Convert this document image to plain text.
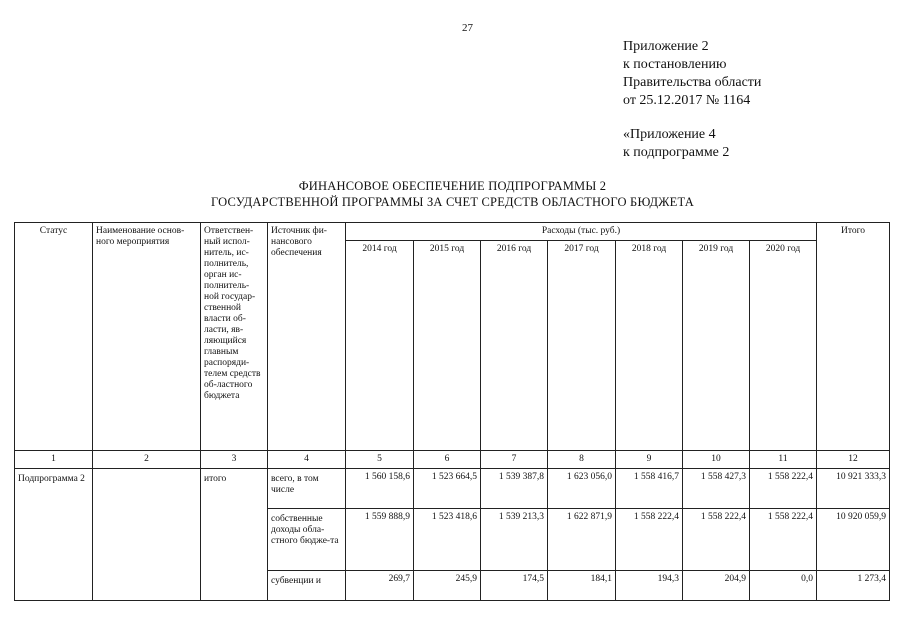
27
Приложение 2
к постановлению
Правительства области
от 25.12.2017 № 1164
«Приложение 4
к подпрограмме 2
ФИНАНСОВОЕ ОБЕСПЕЧЕНИЕ ПОДПРОГРАММЫ 2
ГОСУДАРСТВЕННОЙ ПРОГРАММЫ ЗА СЧЕТ СРЕДСТВ ОБЛАСТНОГО БЮДЖЕТА
Статус	Наименование основ-ного мероприятия	Ответствен-ный испол-нитель, ис-полнитель, орган ис-полнитель-ной государ-ственной власти об-ласти, яв-ляющийся главным распоряди-телем средств об-ластного бюджета	Источник фи-нансового обеспечения	Расходы (тыс. руб.)							Итого
				2014 год	2015 год	2016 год	2017 год	2018 год	2019 год	2020 год	
1	2	3	4	5	6	7	8	9	10	11	12
Подпрограмма 2		итого	всего, в том числе	1 560 158,6	1 523 664,5	1 539 387,8	1 623 056,0	1 558 416,7	1 558 427,3	1 558 222,4	10 921 333,3
			собственные доходы обла-стного бюдже-та	1 559 888,9	1 523 418,6	1 539 213,3	1 622 871,9	1 558 222,4	1 558 222,4	1 558 222,4	10 920 059,9
			субвенции и	269,7	245,9	174,5	184,1	194,3	204,9	0,0	1 273,4
